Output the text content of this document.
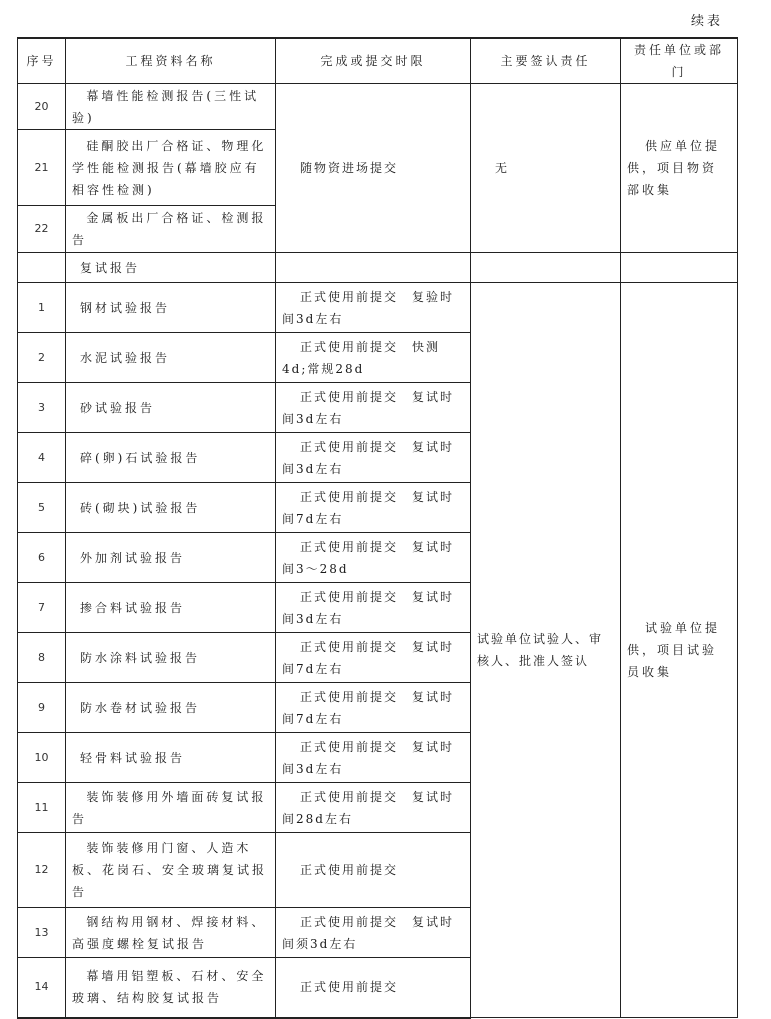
续表
序号	工程资料名称	完成或提交时限	主要签认责任	责任单位或部门
20	幕墙性能检测报告(三性试验)	随物资进场提交	无	供应单位提供，项目物资部收集
21	硅酮胶出厂合格证、物理化学性能检测报告(幕墙胶应有相容性检测)			
22	金属板出厂合格证、检测报告			
	复试报告			
1	钢材试验报告	正式使用前提交　复验时间3d左右	试验单位试验人、审核人、批准人签认	试验单位提供，项目试验员收集
2	水泥试验报告	正式使用前提交　快测4d;常规28d		
3	砂试验报告	正式使用前提交　复试时间3d左右		
4	碎(卵)石试验报告	正式使用前提交　复试时间3d左右		
5	砖(砌块)试验报告	正式使用前提交　复试时间7d左右		
6	外加剂试验报告	正式使用前提交　复试时间3～28d		
7	掺合料试验报告	正式使用前提交　复试时间3d左右		
8	防水涂料试验报告	正式使用前提交　复试时间7d左右		
9	防水卷材试验报告	正式使用前提交　复试时间7d左右		
10	轻骨料试验报告	正式使用前提交　复试时间3d左右		
11	装饰装修用外墙面砖复试报告	正式使用前提交　复试时间28d左右		
12	装饰装修用门窗、人造木板、花岗石、安全玻璃复试报告	正式使用前提交		
13	钢结构用钢材、焊接材料、高强度螺栓复试报告	正式使用前提交　复试时间须3d左右		
14	幕墙用铝塑板、石材、安全玻璃、结构胶复试报告	正式使用前提交		
